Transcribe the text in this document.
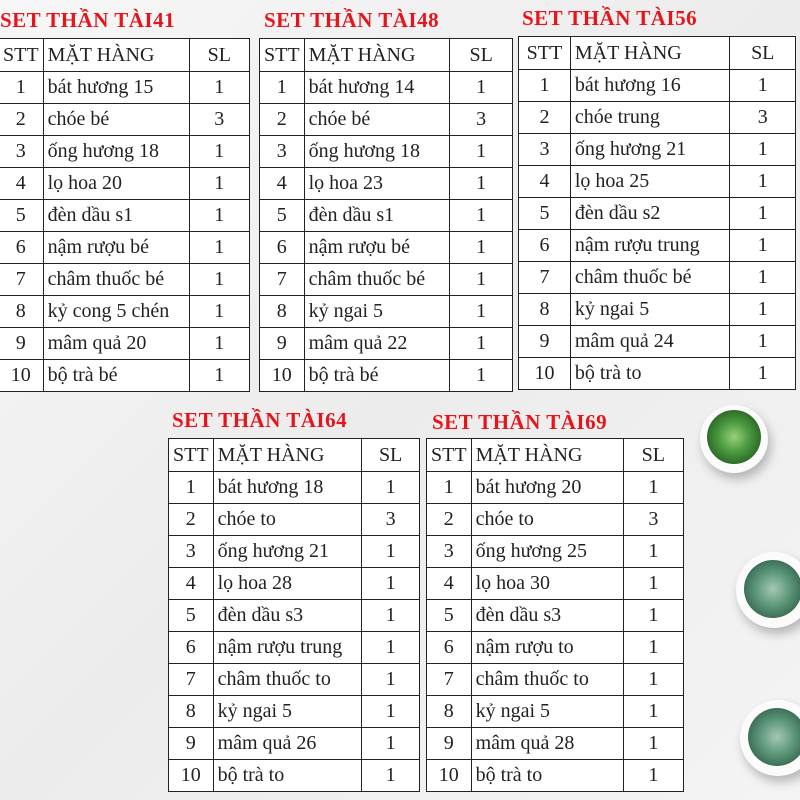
SET THẦN TÀI41
STT	MẶT HÀNG	SL
1	bát hương 15	1
2	chóe bé	3
3	ống hương 18	1
4	lọ hoa 20	1
5	đèn dầu s1	1
6	nậm rượu bé	1
7	châm thuốc bé	1
8	kỷ cong 5 chén	1
9	mâm quả 20	1
10	bộ trà bé	1
SET THẦN TÀI48
STT	MẶT HÀNG	SL
1	bát hương 14	1
2	chóe bé	3
3	ống hương 18	1
4	lọ hoa 23	1
5	đèn dầu s1	1
6	nậm rượu bé	1
7	châm thuốc bé	1
8	kỷ ngai 5	1
9	mâm quả 22	1
10	bộ trà bé	1
SET THẦN TÀI56
STT	MẶT HÀNG	SL
1	bát hương 16	1
2	chóe trung	3
3	ống hương 21	1
4	lọ hoa 25	1
5	đèn dầu s2	1
6	nậm rượu trung	1
7	châm thuốc bé	1
8	kỷ ngai 5	1
9	mâm quả 24	1
10	bộ trà to	1
SET THẦN TÀI64
STT	MẶT HÀNG	SL
1	bát hương 18	1
2	chóe to	3
3	ống hương 21	1
4	lọ hoa 28	1
5	đèn dầu s3	1
6	nậm rượu trung	1
7	châm thuốc to	1
8	kỷ ngai 5	1
9	mâm quả 26	1
10	bộ trà to	1
SET THẦN TÀI69
STT	MẶT HÀNG	SL
1	bát hương 20	1
2	chóe to	3
3	ống hương 25	1
4	lọ hoa 30	1
5	đèn dầu s3	1
6	nậm rượu to	1
7	châm thuốc to	1
8	kỷ ngai 5	1
9	mâm quả 28	1
10	bộ trà to	1
